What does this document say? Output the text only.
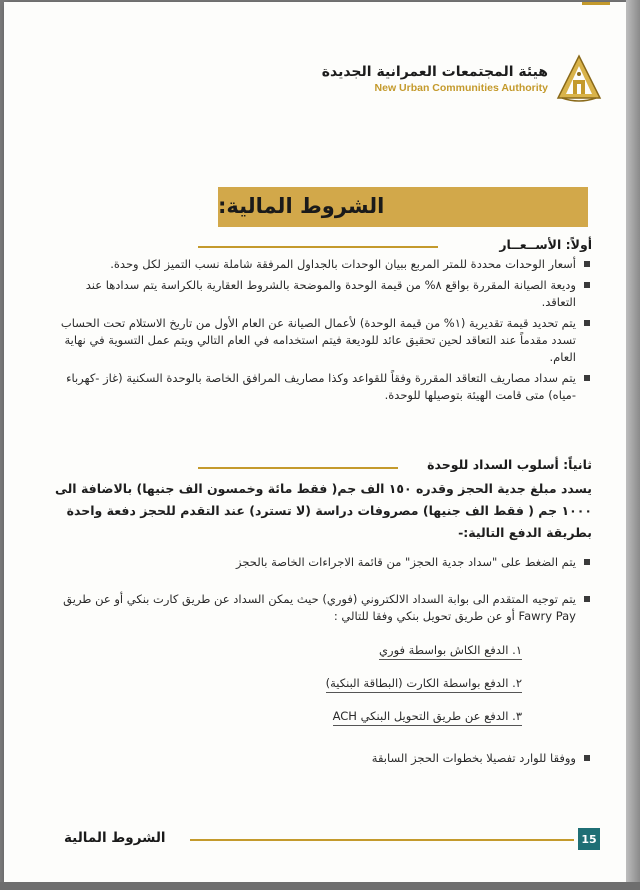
هيئة المجتمعات العمرانية الجديدة
New Urban Communities Authority
الشروط المالية:
أولاً: الأســعــار
أسعار الوحدات محددة للمتر المربع ببيان الوحدات بالجداول المرفقة شاملة نسب التميز لكل وحدة.
وديعة الصيانة المقررة بواقع ٨% من قيمة الوحدة والموضحة بالشروط العقارية بالكراسة يتم سدادها عند التعاقد.
يتم تحديد قيمة تقديرية (١% من قيمة الوحدة) لأعمال الصيانة عن العام الأول من تاريخ الاستلام تحت الحساب تسدد مقدماً عند التعاقد لحين تحقيق عائد للوديعة فيتم استخدامه في العام التالي ويتم عمل التسوية في نهاية العام.
يتم سداد مصاريف التعاقد المقررة وفقاً للقواعد وكذا مصاريف المرافق الخاصة بالوحدة السكنية (غاز -كهرباء -مياه) متى قامت الهيئة بتوصيلها للوحدة.
ثانياً: أسلوب السداد للوحدة
يسدد مبلغ جدية الحجز وقدره ١٥٠ الف جم( فقط مائة وخمسون الف جنيها) بالاضافة الى ١٠٠٠ جم ( فقط الف جنيها) مصروفات دراسة (لا تسترد) عند التقدم للحجز دفعة واحدة بطريقة الدفع التالية:-
يتم الضغط على "سداد جدية الحجز" من قائمة الاجراءات الخاصة بالحجز
يتم توجيه المتقدم الى بوابة السداد الالكتروني (فوري) حيث يمكن السداد عن طريق كارت بنكي أو عن طريق Fawry Pay أو عن طريق تحويل بنكي وفقا للتالي :
١. الدفع الكاش بواسطة فوري
٢. الدفع بواسطة الكارت (البطاقة البنكية)
٣. الدفع عن طريق التحويل البنكي ACH
ووفقا للوارد تفصيلا بخطوات الحجز السابقة
الشروط المالية	15
